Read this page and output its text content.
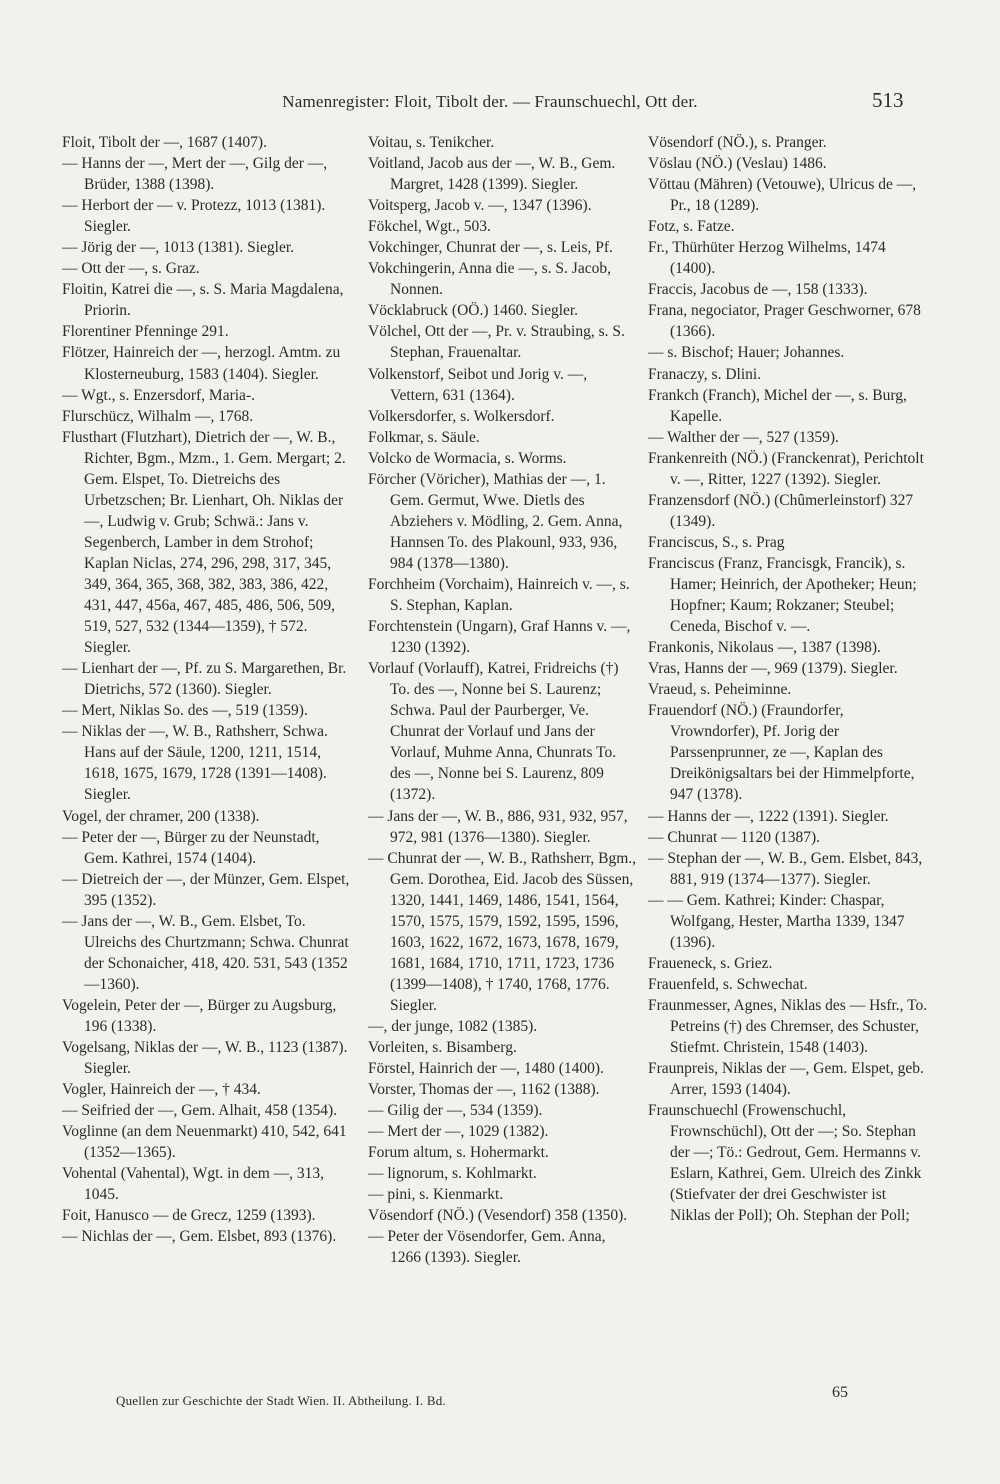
Namenregister: Floit, Tibolt der. — Fraunschuechl, Ott der.	513

Floit, Tibolt der —, 1687 (1407).

— Hanns der —, Mert der —, Gilg der —, Brüder, 1388 (1398).

— Herbort der — v. Protezz, 1013 (1381). Siegler.

— Jörig der —, 1013 (1381). Siegler.

— Ott der —, s. Graz.

Floitin, Katrei die —, s. S. Maria Magdalena, Priorin.

Florentiner Pfenninge 291.

Flötzer, Hainreich der —, herzogl. Amtm. zu Klosterneuburg, 1583 (1404). Siegler.

— Wgt., s. Enzersdorf, Maria-.

Flurschücz, Wilhalm —, 1768.

Flusthart (Flutzhart), Dietrich der —, W. B., Richter, Bgm., Mzm., 1. Gem. Mergart; 2. Gem. Elspet, To. Dietreichs des Urbetzschen; Br. Lienhart, Oh. Niklas der —, Ludwig v. Grub; Schwä.: Jans v. Segenberch, Lamber in dem Strohof; Kaplan Niclas, 274, 296, 298, 317, 345, 349, 364, 365, 368, 382, 383, 386, 422, 431, 447, 456a, 467, 485, 486, 506, 509, 519, 527, 532 (1344—1359), † 572. Siegler.

— Lienhart der —, Pf. zu S. Margarethen, Br. Dietrichs, 572 (1360). Siegler.

— Mert, Niklas So. des —, 519 (1359).

— Niklas der —, W. B., Rathsherr, Schwa. Hans auf der Säule, 1200, 1211, 1514, 1618, 1675, 1679, 1728 (1391—1408). Siegler.

Vogel, der chramer, 200 (1338).

— Peter der —, Bürger zu der Neunstadt, Gem. Kathrei, 1574 (1404).

— Dietreich der —, der Münzer, Gem. Elspet, 395 (1352).

— Jans der —, W. B., Gem. Elsbet, To. Ulreichs des Churtzmann; Schwa. Chunrat der Schonaicher, 418, 420. 531, 543 (1352—1360).

Vogelein, Peter der —, Bürger zu Augsburg, 196 (1338).

Vogelsang, Niklas der —, W. B., 1123 (1387). Siegler.

Vogler, Hainreich der —, † 434.

— Seifried der —, Gem. Alhait, 458 (1354).

Voglinne (an dem Neuenmarkt) 410, 542, 641 (1352—1365).

Vohental (Vahental), Wgt. in dem —, 313, 1045.

Foit, Hanusco — de Grecz, 1259 (1393).

— Nichlas der —, Gem. Elsbet, 893 (1376).

Voitau, s. Tenikcher.

Voitland, Jacob aus der —, W. B., Gem. Margret, 1428 (1399). Siegler.

Voitsperg, Jacob v. —, 1347 (1396).

Fökchel, Wgt., 503.

Vokchinger, Chunrat der —, s. Leis, Pf.

Vokchingerin, Anna die —, s. S. Jacob, Nonnen.

Vöcklabruck (OÖ.) 1460. Siegler.

Völchel, Ott der —, Pr. v. Straubing, s. S. Stephan, Frauenaltar.

Volkenstorf, Seibot und Jorig v. —, Vettern, 631 (1364).

Volkersdorfer, s. Wolkersdorf.

Folkmar, s. Säule.

Volcko de Wormacia, s. Worms.

Förcher (Vöricher), Mathias der —, 1. Gem. Germut, Wwe. Dietls des Abziehers v. Mödling, 2. Gem. Anna, Hannsen To. des Plakounl, 933, 936, 984 (1378—1380).

Forchheim (Vorchaim), Hainreich v. —, s. S. Stephan, Kaplan.

Forchtenstein (Ungarn), Graf Hanns v. —, 1230 (1392).

Vorlauf (Vorlauff), Katrei, Fridreichs (†) To. des —, Nonne bei S. Laurenz; Schwa. Paul der Paurberger, Ve. Chunrat der Vorlauf und Jans der Vorlauf, Muhme Anna, Chunrats To. des —, Nonne bei S. Laurenz, 809 (1372).

— Jans der —, W. B., 886, 931, 932, 957, 972, 981 (1376—1380). Siegler.

— Chunrat der —, W. B., Rathsherr, Bgm., Gem. Dorothea, Eid. Jacob des Süssen, 1320, 1441, 1469, 1486, 1541, 1564, 1570, 1575, 1579, 1592, 1595, 1596, 1603, 1622, 1672, 1673, 1678, 1679, 1681, 1684, 1710, 1711, 1723, 1736 (1399—1408), † 1740, 1768, 1776. Siegler.

—, der junge, 1082 (1385).

Vorleiten, s. Bisamberg.

Förstel, Hainrich der —, 1480 (1400).

Vorster, Thomas der —, 1162 (1388).

— Gilig der —, 534 (1359).

— Mert der —, 1029 (1382).

Forum altum, s. Hohermarkt.

— lignorum, s. Kohlmarkt.

— pini, s. Kienmarkt.

Vösendorf (NÖ.) (Vesendorf) 358 (1350).

— Peter der Vösendorfer, Gem. Anna, 1266 (1393). Siegler.

Vösendorf (NÖ.), s. Pranger.

Vöslau (NÖ.) (Veslau) 1486.

Vöttau (Mähren) (Vetouwe), Ulricus de —, Pr., 18 (1289).

Fotz, s. Fatze.

Fr., Thürhüter Herzog Wilhelms, 1474 (1400).

Fraccis, Jacobus de —, 158 (1333).

Frana, negociator, Prager Geschworner, 678 (1366).

— s. Bischof; Hauer; Johannes.

Franaczy, s. Dlini.

Frankch (Franch), Michel der —, s. Burg, Kapelle.

— Walther der —, 527 (1359).

Frankenreith (NÖ.) (Franckenrat), Perichtolt v. —, Ritter, 1227 (1392). Siegler.

Franzensdorf (NÖ.) (Chûmerleinstorf) 327 (1349).

Franciscus, S., s. Prag

Franciscus (Franz, Francisgk, Francik), s. Hamer; Heinrich, der Apotheker; Heun; Hopfner; Kaum; Rokzaner; Steubel; Ceneda, Bischof v. —.

Frankonis, Nikolaus —, 1387 (1398).

Vras, Hanns der —, 969 (1379). Siegler.

Vraeud, s. Peheiminne.

Frauendorf (NÖ.) (Fraundorfer, Vrowndorfer), Pf. Jorig der Parssenprunner, ze —, Kaplan des Dreikönigsaltars bei der Himmelpforte, 947 (1378).

— Hanns der —, 1222 (1391). Siegler.

— Chunrat — 1120 (1387).

— Stephan der —, W. B., Gem. Elsbet, 843, 881, 919 (1374—1377). Siegler.

— — Gem. Kathrei; Kinder: Chaspar, Wolfgang, Hester, Martha 1339, 1347 (1396).

Fraueneck, s. Griez.

Frauenfeld, s. Schwechat.

Fraunmesser, Agnes, Niklas des — Hsfr., To. Petreins (†) des Chremser, des Schuster, Stiefmt. Christein, 1548 (1403).

Fraunpreis, Niklas der —, Gem. Elspet, geb. Arrer, 1593 (1404).

Fraunschuechl (Frowenschuchl, Frownschüchl), Ott der —; So. Stephan der —; Tö.: Gedrout, Gem. Hermanns v. Eslarn, Kathrei, Gem. Ulreich des Zinkk (Stiefvater der drei Geschwister ist Niklas der Poll); Oh. Stephan der Poll;

Quellen zur Geschichte der Stadt Wien. II. Abtheilung. I. Bd.	65
